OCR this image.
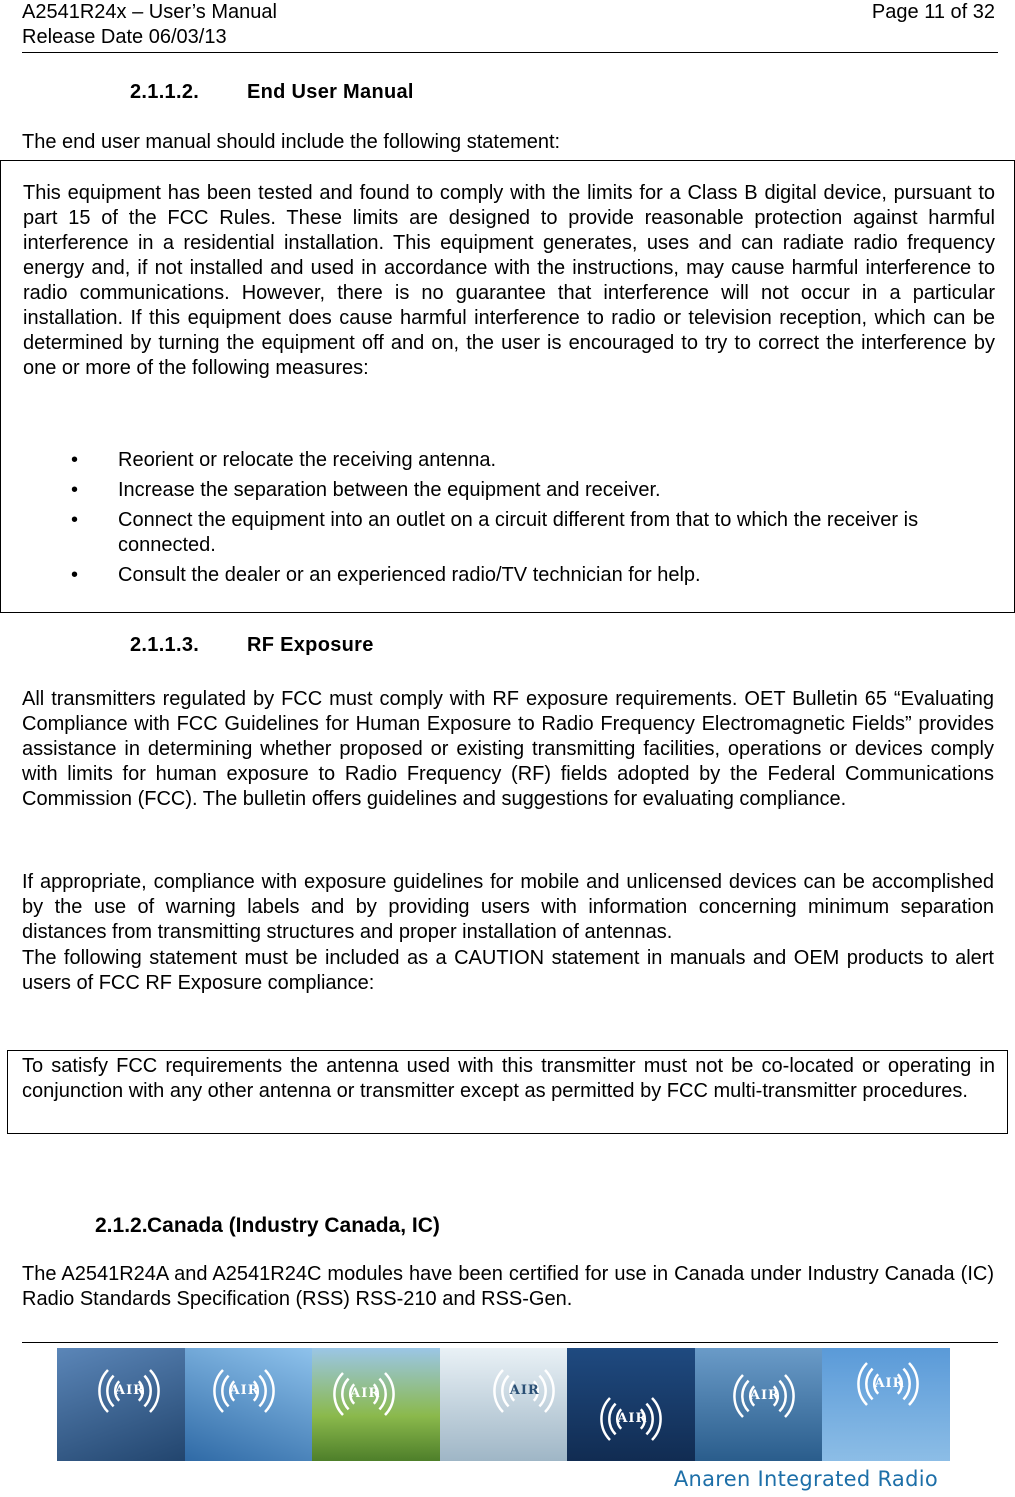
A2541R24x – User’s Manual
Release Date 06/03/13
Page 11 of 32
2.1.1.2. End User Manual
The end user manual should include the following statement:

This equipment has been tested and found to comply with the limits for a Class B digital device, pursuant to part 15 of the FCC Rules. These limits are designed to provide reasonable protection against harmful interference in a residential installation. This equipment generates, uses and can radiate radio frequency energy and, if not installed and used in accordance with the instructions, may cause harmful interference to radio communications. However, there is no guarantee that interference will not occur in a particular installation. If this equipment does cause harmful interference to radio or television reception, which can be determined by turning the equipment off and on, the user is encouraged to try to correct the interference by one or more of the following measures:

• Reorient or relocate the receiving antenna.
• Increase the separation between the equipment and receiver.
• Connect the equipment into an outlet on a circuit different from that to which the receiver is connected.
• Consult the dealer or an experienced radio/TV technician for help.
2.1.1.3. RF Exposure

All transmitters regulated by FCC must comply with RF exposure requirements. OET Bulletin 65 “Evaluating Compliance with FCC Guidelines for Human Exposure to Radio Frequency Electromagnetic Fields” provides assistance in determining whether proposed or existing transmitting facilities, operations or devices comply with limits for human exposure to Radio Frequency (RF) fields adopted by the Federal Communications Commission (FCC). The bulletin offers guidelines and suggestions for evaluating compliance.

If appropriate, compliance with exposure guidelines for mobile and unlicensed devices can be accomplished by the use of warning labels and by providing users with information concerning minimum separation distances from transmitting structures and proper installation of antennas.

The following statement must be included as a CAUTION statement in manuals and OEM products to alert users of FCC RF Exposure compliance:

To satisfy FCC requirements the antenna used with this transmitter must not be co-located or operating in conjunction with any other antenna or transmitter except as permitted by FCC multi-transmitter procedures.

2.1.2.Canada (Industry Canada, IC)

The A2541R24A and A2541R24C modules have been certified for use in Canada under Industry Canada (IC) Radio Standards Specification (RSS) RSS-210 and RSS-Gen.

AIR	AIR	AIR	AIR
AIR
AIR
AIR
Anaren Integrated Radio
